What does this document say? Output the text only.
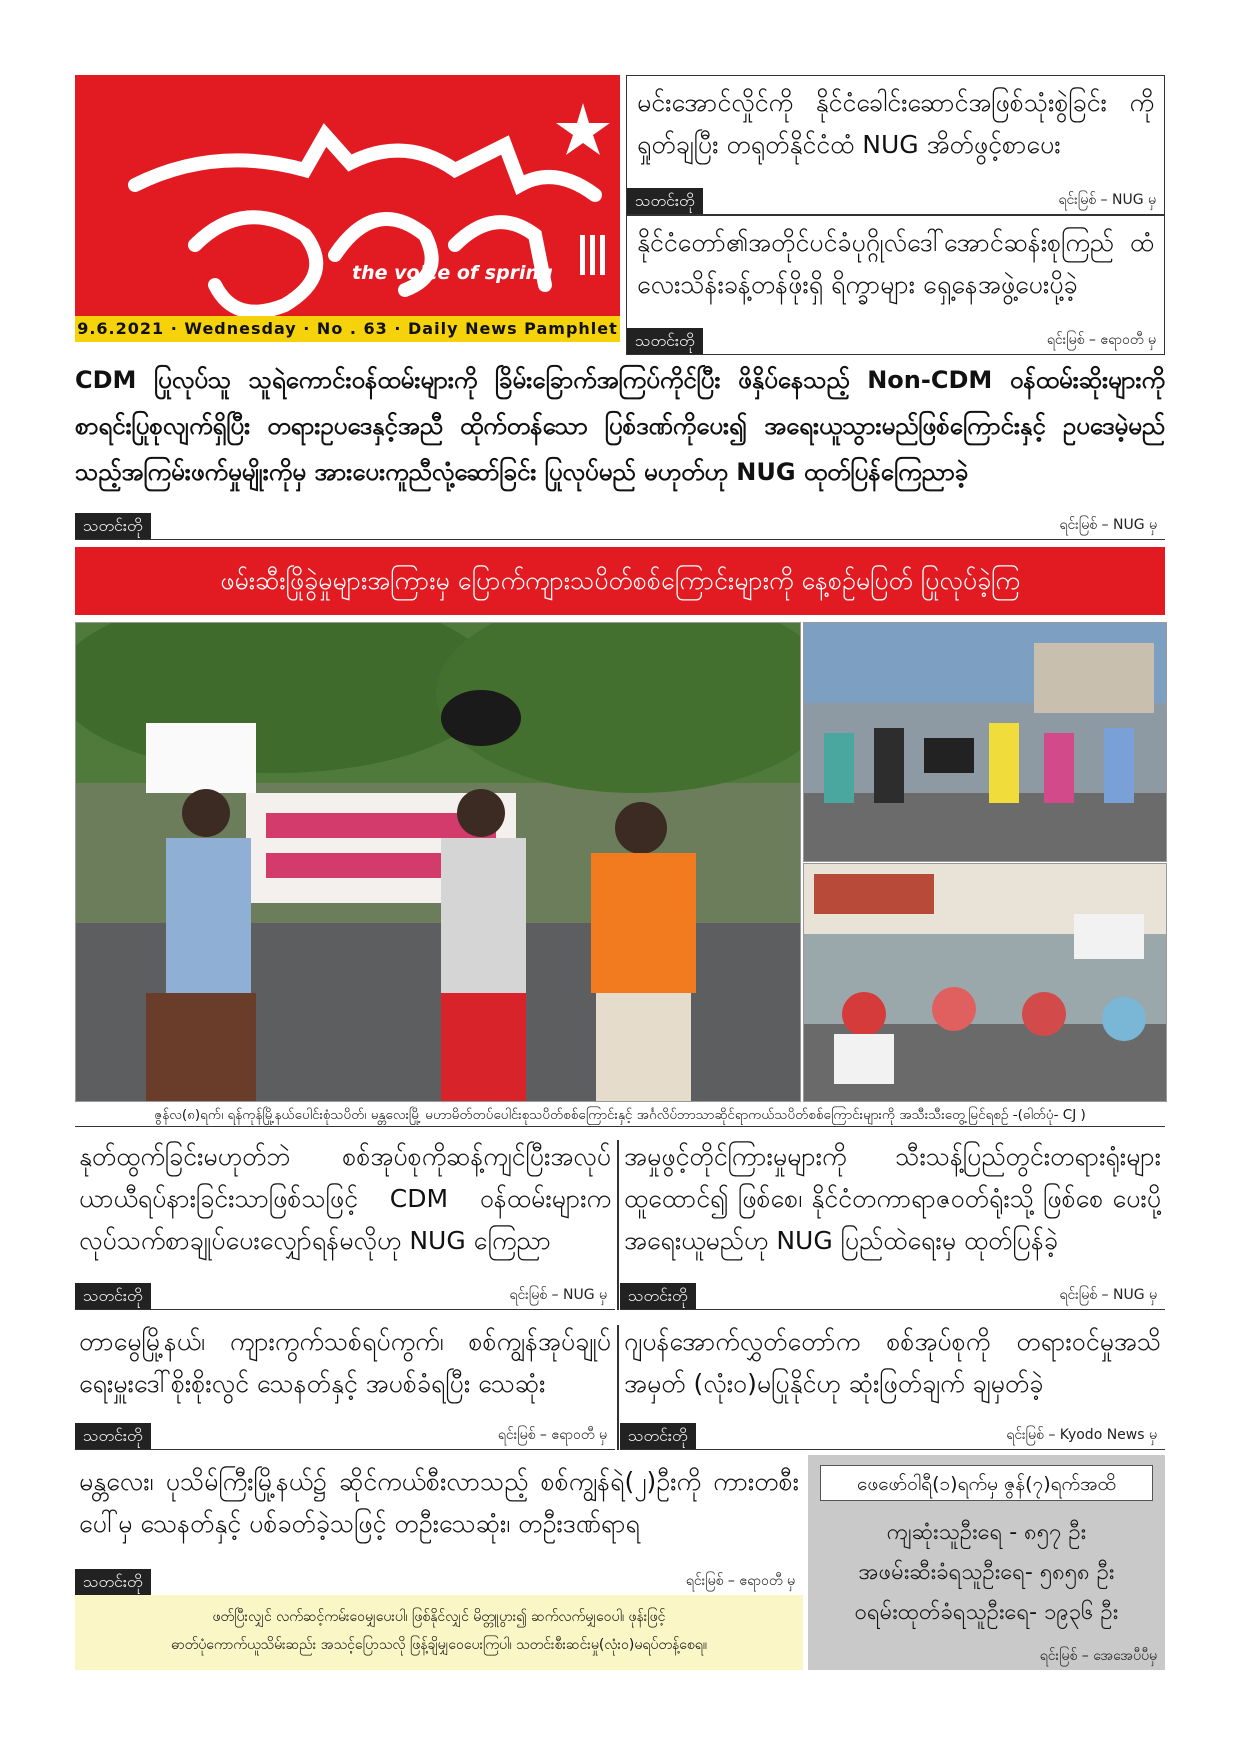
the voice of spring
9.6.2021 · Wednesday · No . 63 · Daily News Pamphlet
မင်းအောင်လှိုင်ကို နိုင်ငံခေါင်းဆောင်အဖြစ်သုံးစွဲခြင်း ကိုရှုတ်ချပြီး တရုတ်နိုင်ငံထံ NUG အိတ်ဖွင့်စာပေး
သတင်းတို	ရင်းမြစ် – NUG မှ
နိုင်ငံတော်၏အတိုင်ပင်ခံပုဂ္ဂိုလ်ဒေါ်အောင်ဆန်းစုကြည် ထံလေးသိန်းခန့်တန်ဖိုးရှိ ရိက္ခာများ ရှေ့နေအဖွဲ့ပေးပို့ခဲ့
သတင်းတို	ရင်းမြစ် – ဧရာဝတီ မှ
CDM ပြုလုပ်သူ သူရဲကောင်းဝန်ထမ်းများကို ခြိမ်းခြောက်အကြပ်ကိုင်ပြီး ဖိနှိပ်နေသည့် Non-CDM ဝန်ထမ်းဆိုးများကို စာရင်းပြုစုလျက်ရှိပြီး တရားဥပဒေနှင့်အညီ ထိုက်တန်သော ပြစ်ဒဏ်ကိုပေး၍ အရေးယူသွားမည်ဖြစ်ကြောင်းနှင့် ဥပဒေမဲ့မည်သည့်အကြမ်းဖက်မှုမျိုးကိုမှ အားပေးကူညီလုံ့ဆော်ခြင်း ပြုလုပ်မည် မဟုတ်ဟု NUG ထုတ်ပြန်ကြေညာခဲ့
သတင်းတို	ရင်းမြစ် – NUG မှ
ဖမ်းဆီးဖြိုခွဲမှုများအကြားမှ ပြောက်ကျားသပိတ်စစ်ကြောင်းများကို နေ့စဉ်မပြတ် ပြုလုပ်ခဲ့ကြ
ဇွန်လ(၈)ရက်၊ ရန်ကုန်မြို့နယ်ပေါင်းစုံသပိတ်၊ မန္တလေးမြို့ မဟာမိတ်တပ်ပေါင်းစုသပိတ်စစ်ကြောင်းနှင့် အင်္ဂလိပ်ဘာသာဆိုင်ရာကယ်သပိတ်စစ်ကြောင်းများကို အသီးသီးတွေ့မြင်ရစဉ် -(ဓါတ်ပုံ- CJ )
နုတ်ထွက်ခြင်းမဟုတ်ဘဲ စစ်အုပ်စုကိုဆန့်ကျင်ပြီးအလုပ် ယာယီရပ်နားခြင်းသာဖြစ်သဖြင့် CDM ဝန်ထမ်းများက လုပ်သက်စာချုပ်ပေးလျှော်ရန်မလိုဟု NUG ကြေညာ
သတင်းတို	ရင်းမြစ် – NUG မှ
အမှုဖွင့်တိုင်ကြားမှုများကို သီးသန့်ပြည်တွင်းတရားရုံးများ ထူထောင်၍ ဖြစ်စေ၊ နိုင်ငံတကာရာဇဝတ်ရုံးသို့ ဖြစ်စေ ပေးပို့အရေးယူမည်ဟု NUG ပြည်ထဲရေးမှ ထုတ်ပြန်ခဲ့
သတင်းတို	ရင်းမြစ် – NUG မှ
တာမွေမြို့နယ်၊ ကျားကွက်သစ်ရပ်ကွက်၊ စစ်ကျွန်အုပ်ချုပ်ရေးမှူးဒေါ်စိုးစိုးလွင် သေနတ်နှင့် အပစ်ခံရပြီး သေဆုံး
သတင်းတို	ရင်းမြစ် – ဧရာဝတီ မှ
ဂျပန်အောက်လွှတ်တော်က စစ်အုပ်စုကို တရားဝင်မှုအသိအမှတ် (လုံးဝ)မပြုနိုင်ဟု ဆုံးဖြတ်ချက် ချမှတ်ခဲ့
သတင်းတို	ရင်းမြစ် – Kyodo News မှ
မန္တလေး၊ ပုသိမ်ကြီးမြို့နယ်၌ ဆိုင်ကယ်စီးလာသည့် စစ်ကျွန်ရဲ(၂)ဦးကို ကားတစီးပေါ်မှ သေနတ်နှင့် ပစ်ခတ်ခဲ့သဖြင့် တဦးသေဆုံး၊ တဦးဒဏ်ရာရ
သတင်းတို	ရင်းမြစ် – ဧရာဝတီ မှ
ဖတ်ပြီးလျှင် လက်ဆင့်ကမ်းဝေမျှပေးပါ၊ ဖြစ်နိုင်လျှင် မိတ္တူပွား၍ ဆက်လက်မျှဝေပါ၊ ဖုန်းဖြင့်
ဓာတ်ပုံကောက်ယူသိမ်းဆည်း အသင့်ပြောသလို ဖြန့်ချိမျှဝေပေးကြပါ၊ သတင်းစီးဆင်းမှု(လုံးဝ)မရပ်တန့်စေရ။
ဖေဖော်ဝါရီ(၁)ရက်မှ ဇွန်(၇)ရက်အထိ
ကျဆုံးသူဦးရေ - ၈၅၇ ဦး
အဖမ်းဆီးခံရသူဦးရေ- ၅၈၅၈ ဦး
ဝရမ်းထုတ်ခံရသူဦးရေ- ၁၉၃၆ ဦး
ရင်းမြစ် – အေအေပီပီမှ
